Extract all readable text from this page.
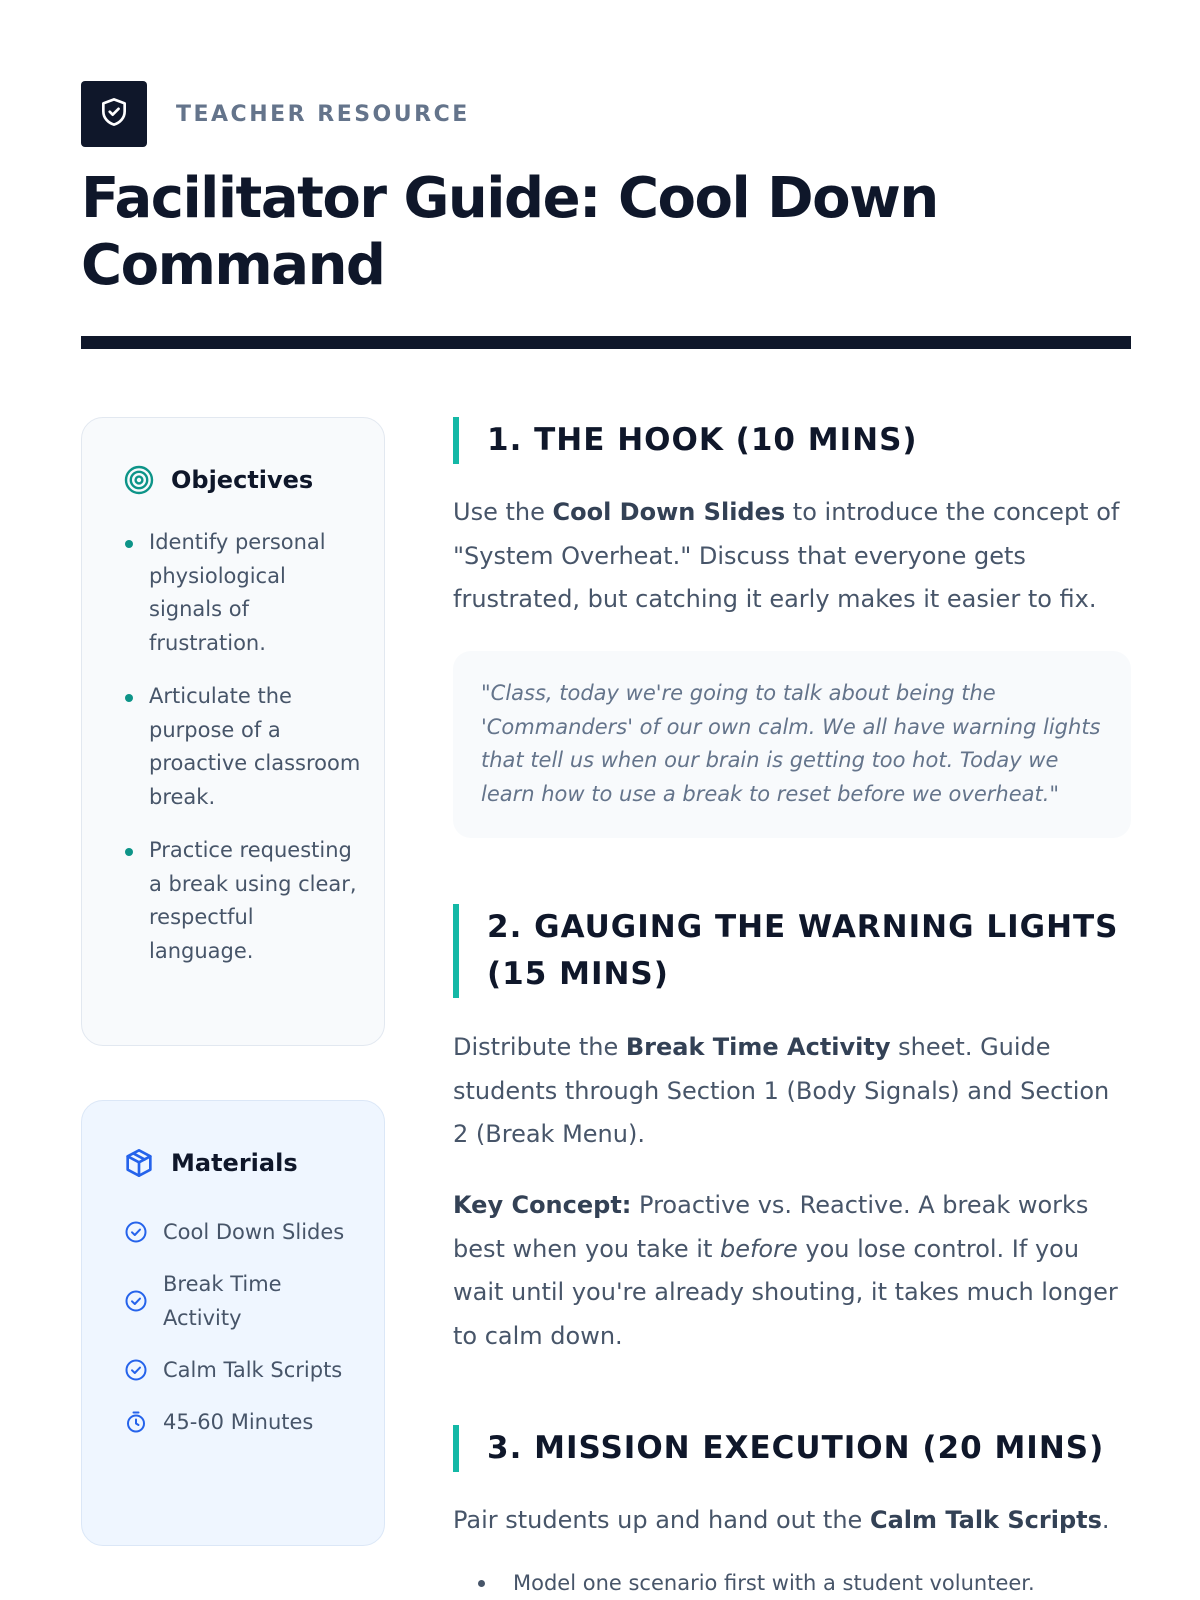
TEACHER RESOURCE
Facilitator Guide: Cool Down Command
Objectives
Identify personal physiological signals of frustration.
Articulate the purpose of a proactive classroom break.
Practice requesting a break using clear, respectful language.
Materials
Cool Down Slides
Break Time Activity
Calm Talk Scripts
45-60 Minutes
1. THE HOOK (10 MINS)

Use the Cool Down Slides to introduce the concept of "System Overheat." Discuss that everyone gets frustrated, but catching it early makes it easier to fix.

"Class, today we're going to talk about being the 'Commanders' of our own calm. We all have warning lights that tell us when our brain is getting too hot. Today we learn how to use a break to reset before we overheat."
2. GAUGING THE WARNING LIGHTS (15 MINS)

Distribute the Break Time Activity sheet. Guide students through Section 1 (Body Signals) and Section 2 (Break Menu).

Key Concept: Proactive vs. Reactive. A break works best when you take it before you lose control. If you wait until you're already shouting, it takes much longer to calm down.

3. MISSION EXECUTION (20 MINS)

Pair students up and hand out the Calm Talk Scripts.

Model one scenario first with a student volunteer.
